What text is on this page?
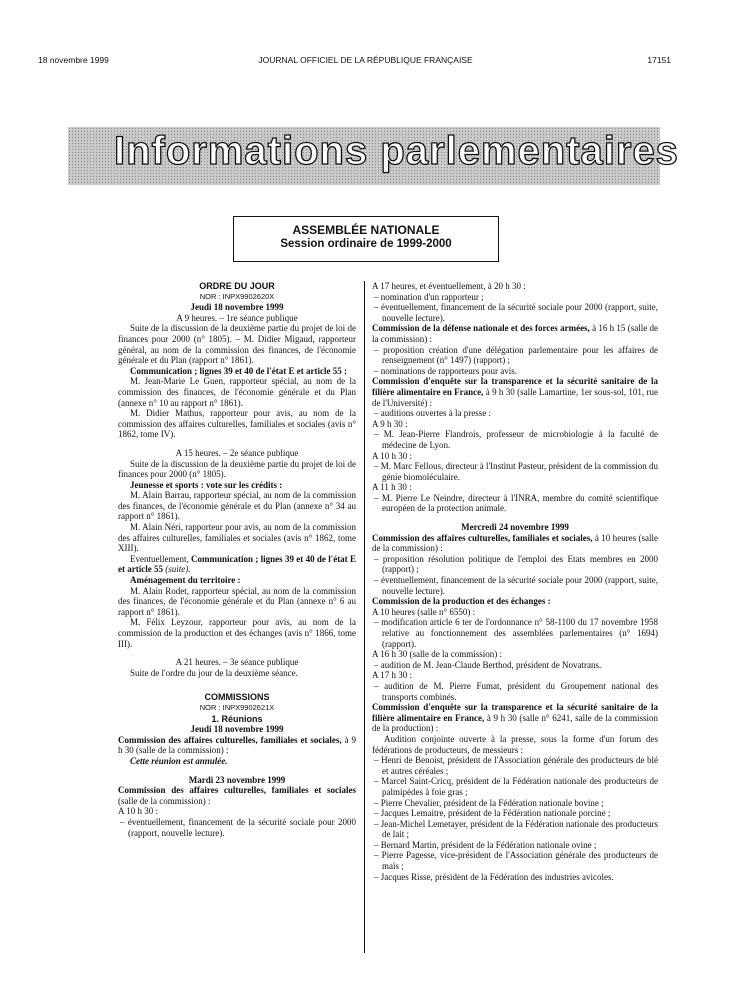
18 novembre 1999	JOURNAL OFFICIEL DE LA RÉPUBLIQUE FRANÇAISE	17151
Informations parlementaires
ASSEMBLÉE NATIONALE
Session ordinaire de 1999-2000

ORDRE DU JOUR

NOR : INPX9902620X

Jeudi 18 novembre 1999

A 9 heures. – 1re séance publique

Suite de la discussion de la deuxième partie du projet de loi de finances pour 2000 (n° 1805). – M. Didier Migaud, rapporteur général, au nom de la commission des finances, de l'économie générale et du Plan (rapport n° 1861).

Communication ; lignes 39 et 40 de l'état E et article 55 :

M. Jean-Marie Le Guen, rapporteur spécial, au nom de la commission des finances, de l'économie générale et du Plan (annexe n° 10 au rapport n° 1861).

M. Didier Mathus, rapporteur pour avis, au nom de la commission des affaires culturelles, familiales et sociales (avis n° 1862, tome IV).

A 15 heures. – 2e séance publique

Suite de la discussion de la deuxième partie du projet de loi de finances pour 2000 (n° 1805).

Jeunesse et sports : vote sur les crédits :

M. Alain Barrau, rapporteur spécial, au nom de la commission des finances, de l'économie générale et du Plan (annexe n° 34 au rapport n° 1861).

M. Alain Néri, rapporteur pour avis, au nom de la commission des affaires culturelles, familiales et sociales (avis n° 1862, tome XIII).

Eventuellement, Communication ; lignes 39 et 40 de l'état E et article 55 (suite).

Aménagement du territoire :

M. Alain Rodet, rapporteur spécial, au nom de la commission des finances, de l'économie générale et du Plan (annexe n° 6 au rapport n° 1861).

M. Félix Leyzour, rapporteur pour avis, au nom de la commission de la production et des échanges (avis n° 1866, tome III).

A 21 heures. – 3e séance publique

Suite de l'ordre du jour de la deuxième séance.

COMMISSIONS

NOR : INPX9902621X

1. Réunions

Jeudi 18 novembre 1999

Commission des affaires culturelles, familiales et sociales, à 9 h 30 (salle de la commission) :

Cette réunion est annulée.

Mardi 23 novembre 1999

Commission des affaires culturelles, familiales et sociales (salle de la commission) :

A 10 h 30 :

– éventuellement, financement de la sécurité sociale pour 2000 (rapport, nouvelle lecture).

A 17 heures, et éventuellement, à 20 h 30 :

– nomination d'un rapporteur ;
– éventuellement, financement de la sécurité sociale pour 2000 (rapport, suite, nouvelle lecture).

Commission de la défense nationale et des forces armées, à 16 h 15 (salle de la commission) :

– proposition création d'une délégation parlementaire pour les affaires de renseignement (n° 1497) (rapport) ;
– nominations de rapporteurs pour avis.

Commission d'enquête sur la transparence et la sécurité sanitaire de la filière alimentaire en France, à 9 h 30 (salle Lamartine, 1er sous-sol, 101, rue de l'Université) :

– auditions ouvertes à la presse :

A 9 h 30 :

– M. Jean-Pierre Flandrois, professeur de microbiologie à la faculté de médecine de Lyon.

A 10 h 30 :

– M. Marc Fellous, directeur à l'Institut Pasteur, président de la commission du génie biomoléculaire.

A 11 h 30 :

– M. Pierre Le Neindre, directeur à l'INRA, membre du comité scientifique européen de la protection animale.

Mercredi 24 novembre 1999

Commission des affaires culturelles, familiales et sociales, à 10 heures (salle de la commission) :

– proposition résolution politique de l'emploi des Etats membres en 2000 (rapport) ;
– éventuellement, financement de la sécurité sociale pour 2000 (rapport, suite, nouvelle lecture).

Commission de la production et des échanges :

A 10 heures (salle n° 6550) :

– modification article 6 ter de l'ordonnance n° 58-1100 du 17 novembre 1958 relative au fonctionnement des assemblées parlementaires (n° 1694) (rapport).

A 16 h 30 (salle de la commission) :

– audition de M. Jean-Claude Berthod, président de Novatrans.

A 17 h 30 :

– audition de M. Pierre Fumat, président du Groupement national des transports combinés.

Commission d'enquête sur la transparence et la sécurité sanitaire de la filière alimentaire en France, à 9 h 30 (salle n° 6241, salle de la commission de la production) :

Audition conjointe ouverte à la presse, sous la forme d'un forum des fédérations de producteurs, de messieurs :

– Henri de Benoist, président de l'Association générale des producteurs de blé et autres céréales ;
– Marcel Saint-Cricq, président de la Fédération nationale des producteurs de palmipèdes à foie gras ;
– Pierre Chevalier, président de la Fédération nationale bovine ;
– Jacques Lemaitre, président de la Fédération nationale porcine ;
– Jean-Michel Lemetayer, président de la Fédération nationale des producteurs de lait ;
– Bernard Martin, président de la Fédération nationale ovine ;
– Pierre Pagesse, vice-président de l'Association générale des producteurs de maïs ;
– Jacques Risse, président de la Fédération des industries avicoles.
